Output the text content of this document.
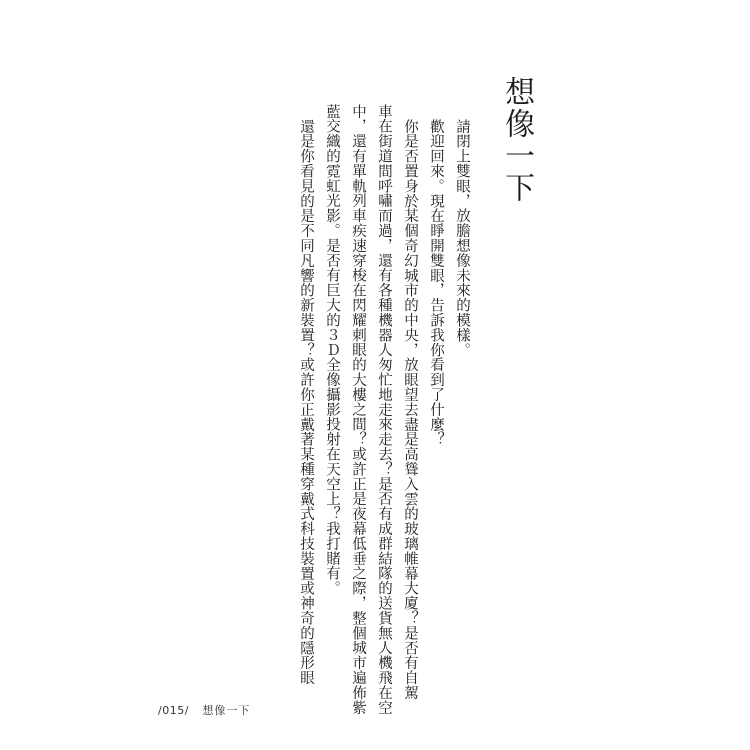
想像一下
請閉上雙眼，放膽想像未來的模樣。
歡迎回來。現在睜開雙眼，告訴我你看到了什麼？
你是否置身於某個奇幻城市的中央，放眼望去盡是高聳入雲的玻璃帷幕大廈？是否有自駕
車在街道間呼嘯而過，還有各種機器人匆忙地走來走去？是否有成群結隊的送貨無人機飛在空
中，還有單軌列車疾速穿梭在閃耀刺眼的大樓之間？或許正是夜幕低垂之際，整個城市遍佈紫
藍交織的霓虹光影。是否有巨大的３Ｄ全像攝影投射在天空上？我打賭有。
還是你看見的是不同凡響的新裝置？或許你正戴著某種穿戴式科技裝置或神奇的隱形眼
/015/ 想像一下
